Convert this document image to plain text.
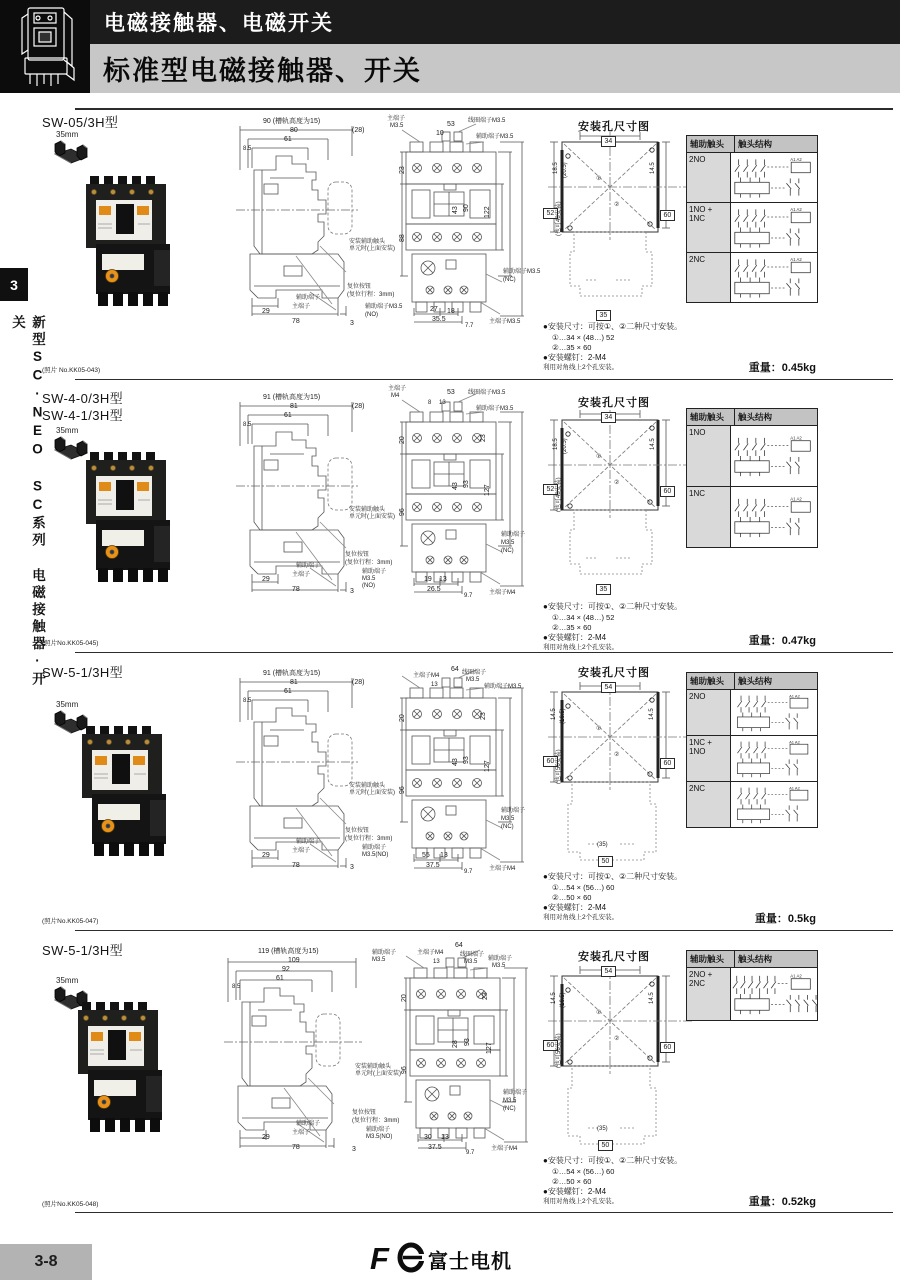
电磁接触器、电磁开关
标准型电磁接触器、开关
3
新型SC·NEO SC系列 电磁接触器·开关
SW-05/3H型
35mm
①
②
安装孔尺寸图
90 (槽轨高度为15)
80
61
(28)
8.5
29
78	3
辅助端子
主端子
安装辅助触头
单元时(上面安装)
复位按钮
(复位行程：3mm)
辅助端子M3.5
(NO)
主端子
M3.5	53
10
线圈端子M3.5
辅助端子M3.5
23
88
43 90 122
27 18
35.5
7.7
主端子M3.5
辅助端子M3.5
(NC)
34
18.5 (20.5)	14.5
52 (也可48安装)	60
35
●安装尺寸：可按①、②二种尺寸安装。
①…34 × (48…) 52
②…35 × 60
●安装螺钉：2-M4
利用对角线上2个孔安装。
辅助触头	触头结构
2NO	A1 A2
1NO + 1NC
A1 A2
2NC	A1 A2
(照片 No.KK05-043)	重量：0.45kg
SW-4-0/3H型
SW-4-1/3H型
35mm
①
②
安装孔尺寸图
91 (槽轨高度为15)
81
61
(28)
8.5
29
78	3
辅助端子
主端子
安装辅助触头
单元时(上面安装)
复位按钮
(复位行程：3mm)
辅助端子
M3.5
(NO)
主端子
M4
8 13
53 线圈端子M3.5
辅助端子M3.5
20
96
23
43 93
127
19 13
26.5
9.7	主端子M4
辅助端子
M3.5
(NC)
34
18.5 (20.5)	14.5
52 (也可48安装)	60
35
●安装尺寸：可按①、②二种尺寸安装。
①…34 × (48…) 52
②…35 × 60
●安装螺钉：2-M4
利用对角线上2个孔安装。
辅助触头	触头结构
1NO
A1 A2
1NC
A1 A2
(照片No.KK05-045)	重量：0.47kg
SW-5-1/3H型
35mm
①
②
安装孔尺寸图
91 (槽轨高度为15)
81
61
(28)
8.5
29
78	3
辅助端子
主端子
安装辅助触头
单元时(上面安装)
复位按钮
(复位行程：3mm)
辅助端子
M3.5(NO)
64
主端子M4
13
线圈端子
M3.5
辅助端子M3.5
20
96
23
43 93
127
55 13
37.5
9.7	主端子M4
辅助端子
M3.5
(NC)
54
14.5 (16.5)	14.5
60 (也可56安装)	60
(35)
50
●安装尺寸：可按①、②二种尺寸安装。
①…54 × (56…) 60
②…50 × 60
●安装螺钉：2-M4
利用对角线上2个孔安装。
辅助触头	触头结构
2NO	A1 A2
1NC + 1NO
A1 A2
2NC	A1 A2
(照片No.KK05-047)	重量：0.5kg
SW-5-1/3H型
35mm
①
②
安装孔尺寸图
119 (槽轨高度为15)
109
92
61
8.5
29
78	3
辅助端子
主端子
安装辅助触头
单元时(上面安装)
复位按钮
(复位行程：3mm)
辅助端子
M3.5(NO)
辅助端子
M3.5
主端子M4
13
64
线圈端子
M3.5 辅助端子
M3.5
20
96
23
28 93
127
30 13
37.5
9.7
主端子M4
辅助端子
M3.5
(NC)
54
14.5 (16.5)	14.5
60 (也可56安装)	60
(35)
50
●安装尺寸：可按①、②二种尺寸安装。
①…54 × (56…) 60
②…50 × 60
●安装螺钉：2-M4
利用对角线上2个孔安装。
辅助触头	触头结构
2NO + 2NC
A1 A2
(照片No.KK05-048)	重量：0.52kg
3-8	F 富士电机
